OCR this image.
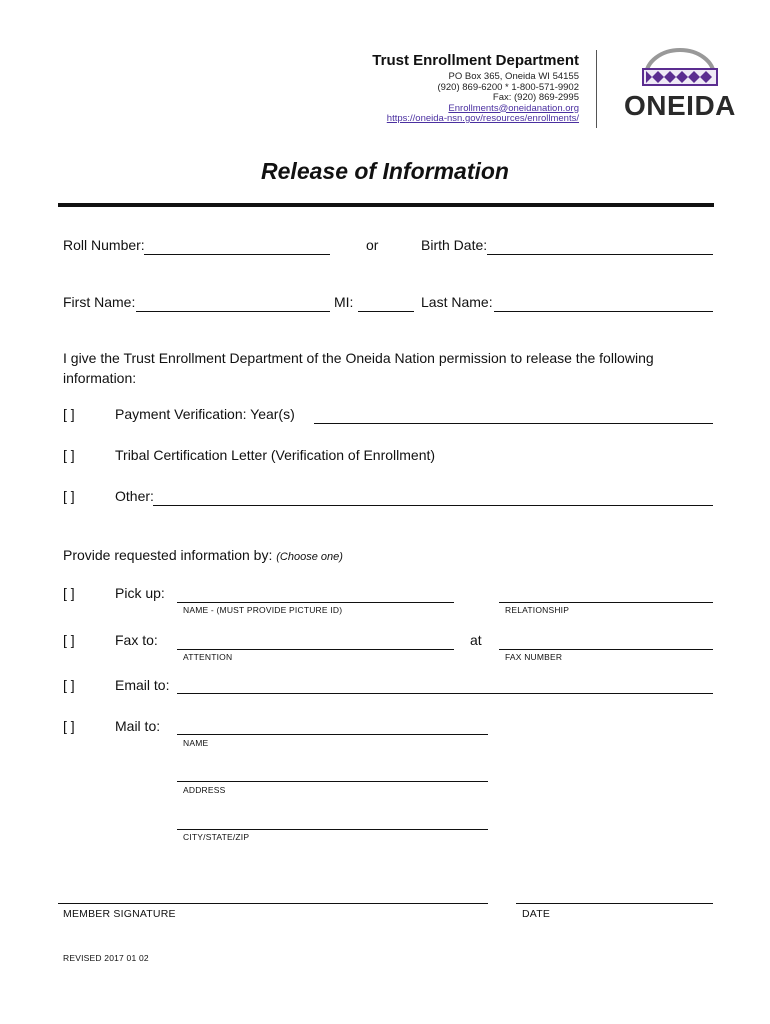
Trust Enrollment Department
PO Box 365, Oneida WI 54155
(920) 869-6200 * 1-800-571-9902
Fax: (920) 869-2995
Enrollments@oneidanation.org
https://oneida-nsn.gov/resources/enrollments/ ONEIDA
Release of Information
Roll Number:	or	Birth Date:
First Name:	MI:	Last Name:
I give the Trust Enrollment Department of the Oneida Nation permission to release the following information:
[ ]	Payment Verification: Year(s)
[ ]	Tribal Certification Letter (Verification of Enrollment)
[ ]	Other:
Provide requested information by: (Choose one)
[ ]	Pick up:
NAME - (MUST PROVIDE PICTURE ID)	RELATIONSHIP
[ ]	Fax to:
ATTENTION
at
FAX NUMBER
[ ]	Email to:
[ ]	Mail to:
NAME
ADDRESS
CITY/STATE/ZIP
MEMBER SIGNATURE	DATE
REVISED 2017 01 02
